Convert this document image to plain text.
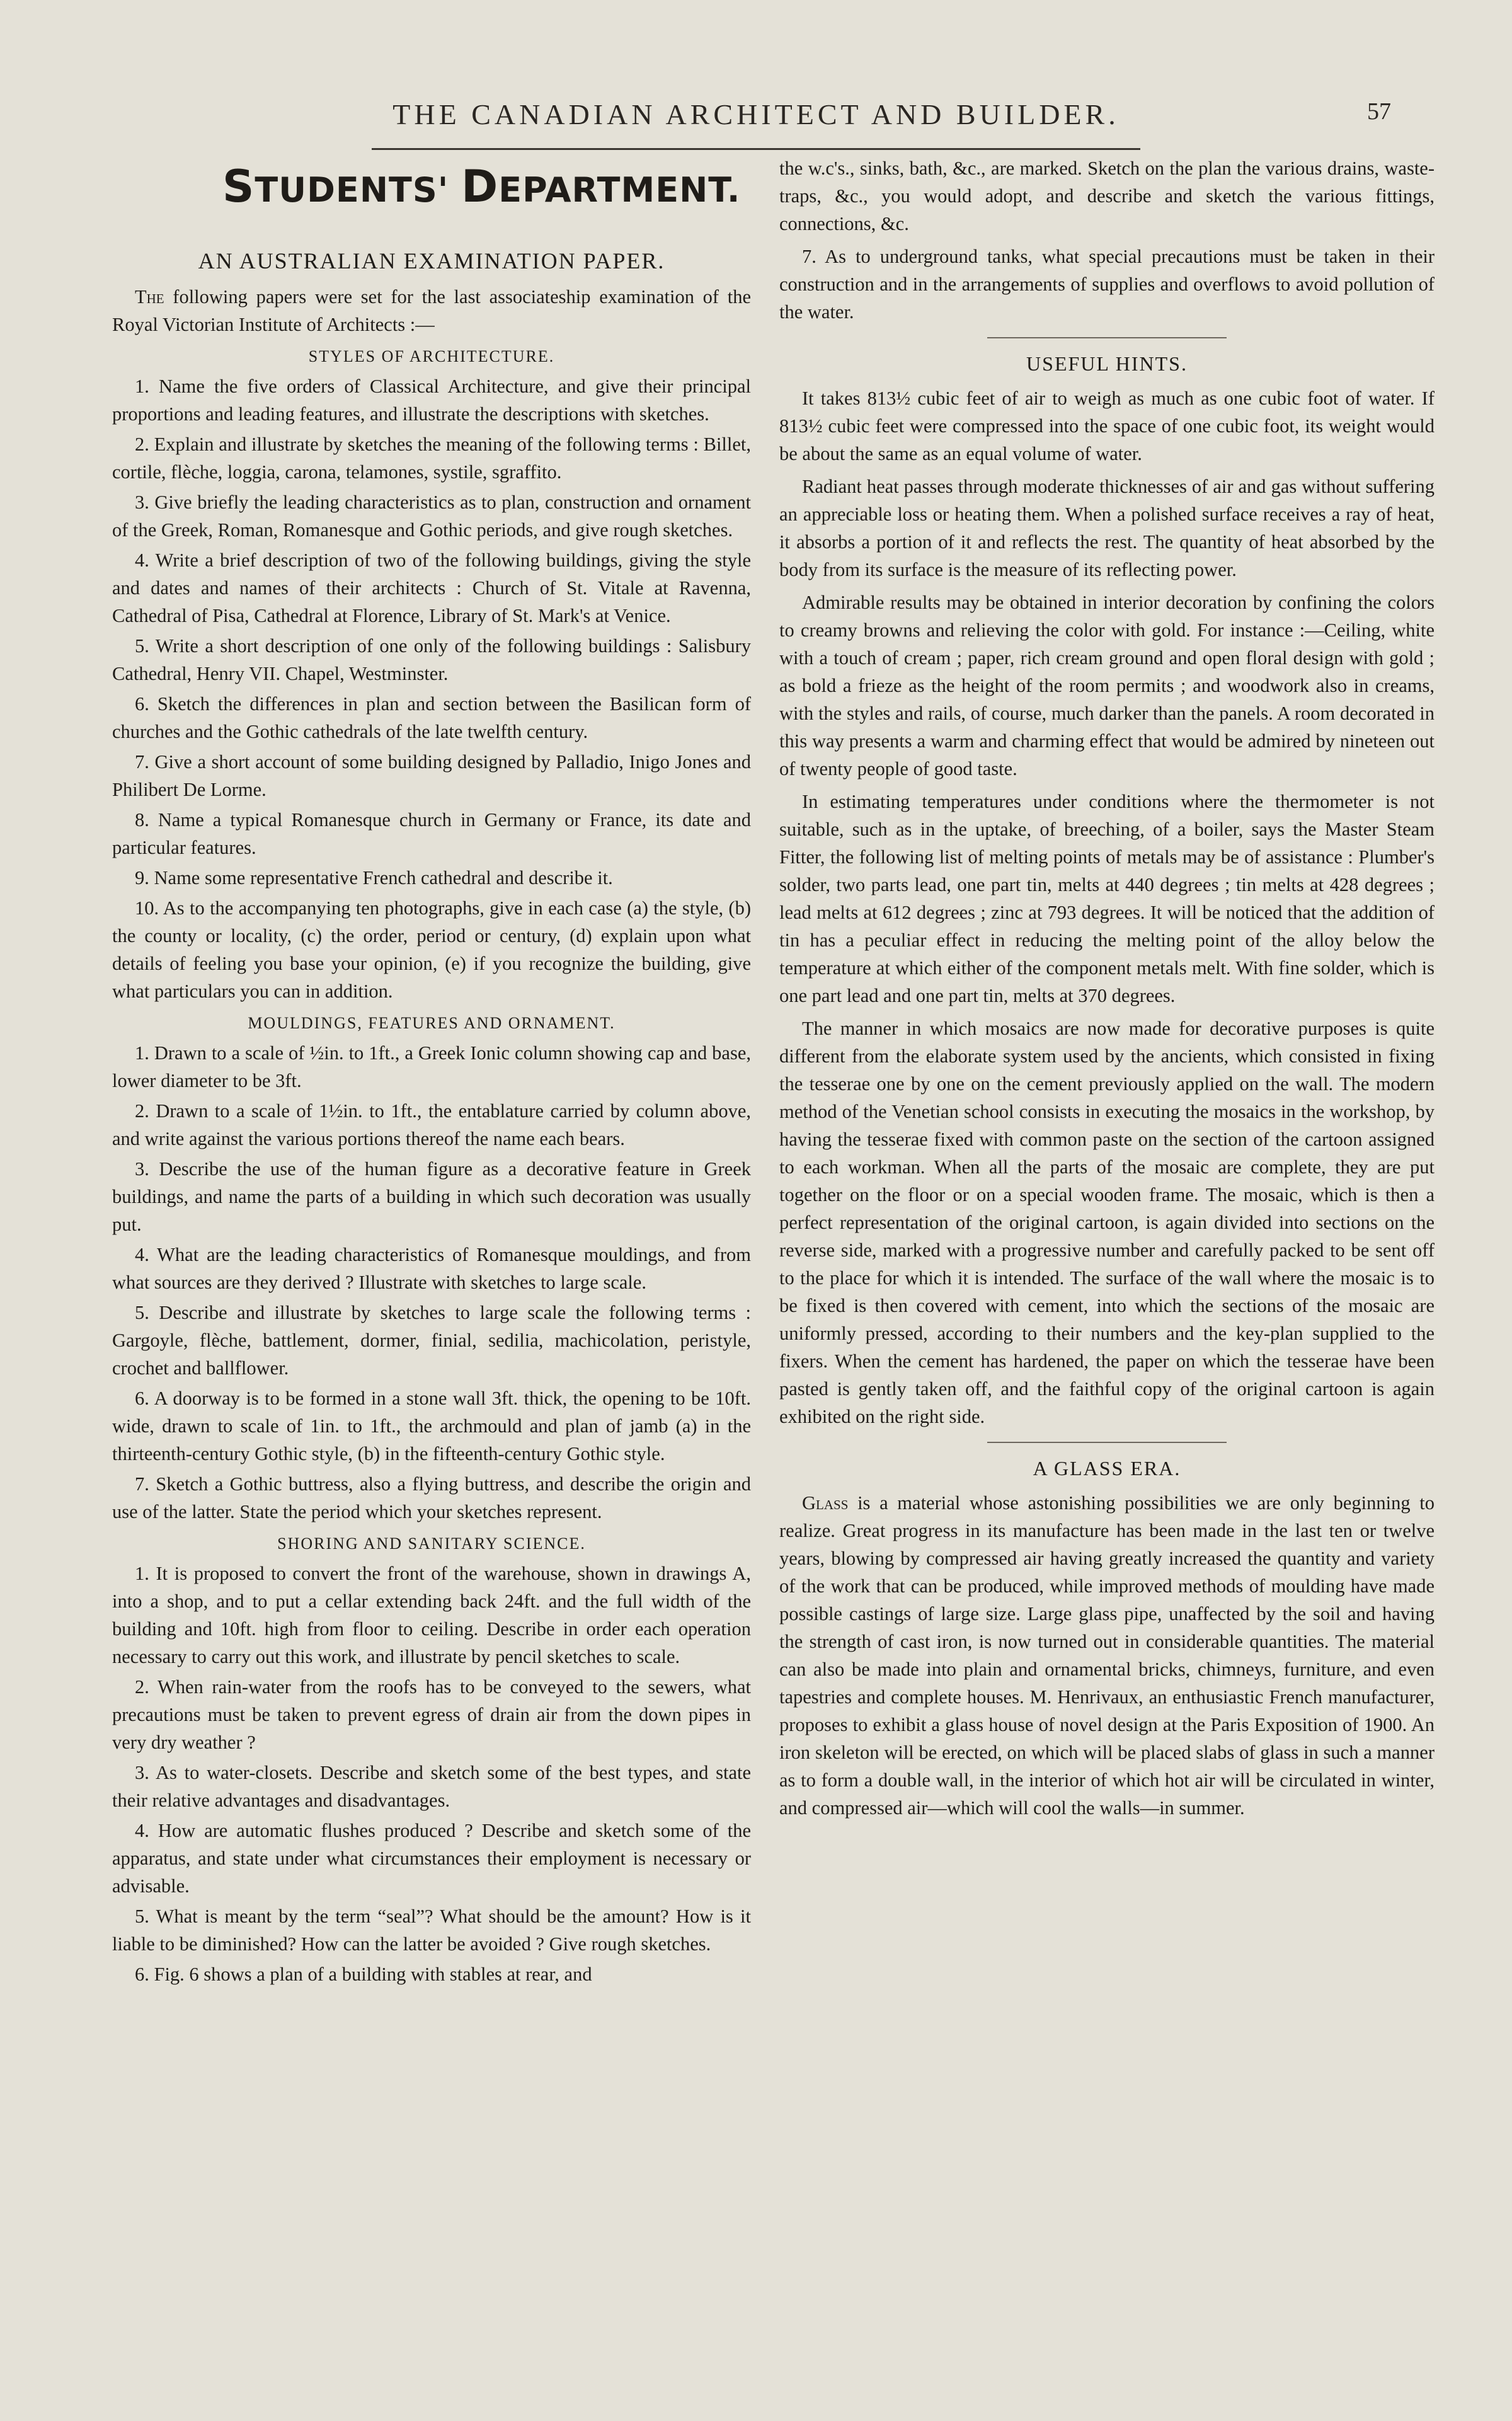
THE CANADIAN ARCHITECT AND BUILDER.	57
STUDENTS' DEPARTMENT.
AN AUSTRALIAN EXAMINATION PAPER.

The following papers were set for the last associateship examination of the Royal Victorian Institute of Architects :—

STYLES OF ARCHITECTURE.

1. Name the five orders of Classical Architecture, and give their principal proportions and leading features, and illustrate the descriptions with sketches.

2. Explain and illustrate by sketches the meaning of the following terms : Billet, cortile, flèche, loggia, carona, telamones, systile, sgraffito.

3. Give briefly the leading characteristics as to plan, construction and ornament of the Greek, Roman, Romanesque and Gothic periods, and give rough sketches.

4. Write a brief description of two of the following buildings, giving the style and dates and names of their architects : Church of St. Vitale at Ravenna, Cathedral of Pisa, Cathedral at Florence, Library of St. Mark's at Venice.

5. Write a short description of one only of the following buildings : Salisbury Cathedral, Henry VII. Chapel, Westminster.

6. Sketch the differences in plan and section between the Basilican form of churches and the Gothic cathedrals of the late twelfth century.

7. Give a short account of some building designed by Palladio, Inigo Jones and Philibert De Lorme.

8. Name a typical Romanesque church in Germany or France, its date and particular features.

9. Name some representative French cathedral and describe it.

10. As to the accompanying ten photographs, give in each case (a) the style, (b) the county or locality, (c) the order, period or century, (d) explain upon what details of feeling you base your opinion, (e) if you recognize the building, give what particulars you can in addition.

MOULDINGS, FEATURES AND ORNAMENT.

1. Drawn to a scale of ½in. to 1ft., a Greek Ionic column showing cap and base, lower diameter to be 3ft.

2. Drawn to a scale of 1½in. to 1ft., the entablature carried by column above, and write against the various portions thereof the name each bears.

3. Describe the use of the human figure as a decorative feature in Greek buildings, and name the parts of a building in which such decoration was usually put.

4. What are the leading characteristics of Romanesque mouldings, and from what sources are they derived ? Illustrate with sketches to large scale.

5. Describe and illustrate by sketches to large scale the following terms : Gargoyle, flèche, battlement, dormer, finial, sedilia, machicolation, peristyle, crochet and ballflower.

6. A doorway is to be formed in a stone wall 3ft. thick, the opening to be 10ft. wide, drawn to scale of 1in. to 1ft., the archmould and plan of jamb (a) in the thirteenth-century Gothic style, (b) in the fifteenth-century Gothic style.

7. Sketch a Gothic buttress, also a flying buttress, and describe the origin and use of the latter. State the period which your sketches represent.

SHORING AND SANITARY SCIENCE.

1. It is proposed to convert the front of the warehouse, shown in drawings A, into a shop, and to put a cellar extending back 24ft. and the full width of the building and 10ft. high from floor to ceiling. Describe in order each operation necessary to carry out this work, and illustrate by pencil sketches to scale.

2. When rain-water from the roofs has to be conveyed to the sewers, what precautions must be taken to prevent egress of drain air from the down pipes in very dry weather ?

3. As to water-closets. Describe and sketch some of the best types, and state their relative advantages and disadvantages.

4. How are automatic flushes produced ? Describe and sketch some of the apparatus, and state under what circumstances their employment is necessary or advisable.

5. What is meant by the term “seal”? What should be the amount? How is it liable to be diminished? How can the latter be avoided ? Give rough sketches.

6. Fig. 6 shows a plan of a building with stables at rear, and

the w.c's., sinks, bath, &c., are marked. Sketch on the plan the various drains, waste-traps, &c., you would adopt, and describe and sketch the various fittings, connections, &c.

7. As to underground tanks, what special precautions must be taken in their construction and in the arrangements of supplies and overflows to avoid pollution of the water.

USEFUL HINTS.

It takes 813½ cubic feet of air to weigh as much as one cubic foot of water. If 813½ cubic feet were compressed into the space of one cubic foot, its weight would be about the same as an equal volume of water.

Radiant heat passes through moderate thicknesses of air and gas without suffering an appreciable loss or heating them. When a polished surface receives a ray of heat, it absorbs a portion of it and reflects the rest. The quantity of heat absorbed by the body from its surface is the measure of its reflecting power.

Admirable results may be obtained in interior decoration by confining the colors to creamy browns and relieving the color with gold. For instance :—Ceiling, white with a touch of cream ; paper, rich cream ground and open floral design with gold ; as bold a frieze as the height of the room permits ; and woodwork also in creams, with the styles and rails, of course, much darker than the panels. A room decorated in this way presents a warm and charming effect that would be admired by nineteen out of twenty people of good taste.

In estimating temperatures under conditions where the thermometer is not suitable, such as in the uptake, of breeching, of a boiler, says the Master Steam Fitter, the following list of melting points of metals may be of assistance : Plumber's solder, two parts lead, one part tin, melts at 440 degrees ; tin melts at 428 degrees ; lead melts at 612 degrees ; zinc at 793 degrees. It will be noticed that the addition of tin has a peculiar effect in reducing the melting point of the alloy below the temperature at which either of the component metals melt. With fine solder, which is one part lead and one part tin, melts at 370 degrees.

The manner in which mosaics are now made for decorative purposes is quite different from the elaborate system used by the ancients, which consisted in fixing the tesserae one by one on the cement previously applied on the wall. The modern method of the Venetian school consists in executing the mosaics in the workshop, by having the tesserae fixed with common paste on the section of the cartoon assigned to each workman. When all the parts of the mosaic are complete, they are put together on the floor or on a special wooden frame. The mosaic, which is then a perfect representation of the original cartoon, is again divided into sections on the reverse side, marked with a progressive number and carefully packed to be sent off to the place for which it is intended. The surface of the wall where the mosaic is to be fixed is then covered with cement, into which the sections of the mosaic are uniformly pressed, according to their numbers and the key-plan supplied to the fixers. When the cement has hardened, the paper on which the tesserae have been pasted is gently taken off, and the faithful copy of the original cartoon is again exhibited on the right side.

A GLASS ERA.

Glass is a material whose astonishing possibilities we are only beginning to realize. Great progress in its manufacture has been made in the last ten or twelve years, blowing by compressed air having greatly increased the quantity and variety of the work that can be produced, while improved methods of moulding have made possible castings of large size. Large glass pipe, unaffected by the soil and having the strength of cast iron, is now turned out in considerable quantities. The material can also be made into plain and ornamental bricks, chimneys, furniture, and even tapestries and complete houses. M. Henrivaux, an enthusiastic French manufacturer, proposes to exhibit a glass house of novel design at the Paris Exposition of 1900. An iron skeleton will be erected, on which will be placed slabs of glass in such a manner as to form a double wall, in the interior of which hot air will be circulated in winter, and compressed air—which will cool the walls—in summer.
